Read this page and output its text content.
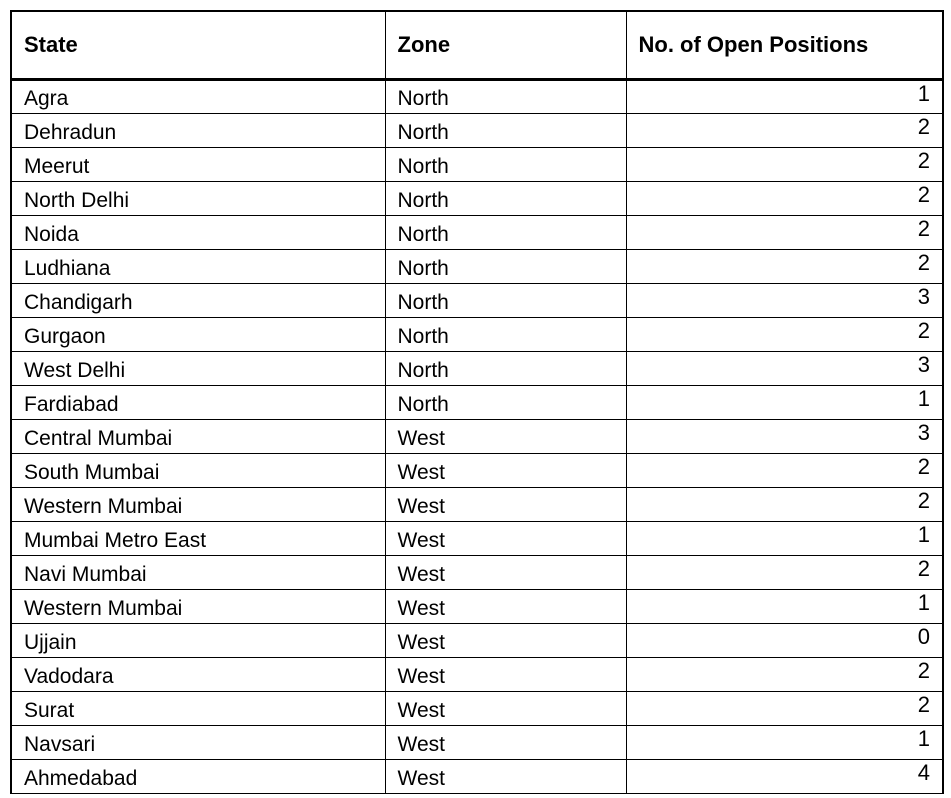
State	Zone	No. of Open Positions
Agra	North	1
Dehradun	North	2
Meerut	North	2
North Delhi	North	2
Noida	North	2
Ludhiana	North	2
Chandigarh	North	3
Gurgaon	North	2
West Delhi	North	3
Fardiabad	North	1
Central Mumbai	West	3
South Mumbai	West	2
Western Mumbai	West	2
Mumbai Metro East	West	1
Navi Mumbai	West	2
Western Mumbai	West	1
Ujjain	West	0
Vadodara	West	2
Surat	West	2
Navsari	West	1
Ahmedabad	West	4
